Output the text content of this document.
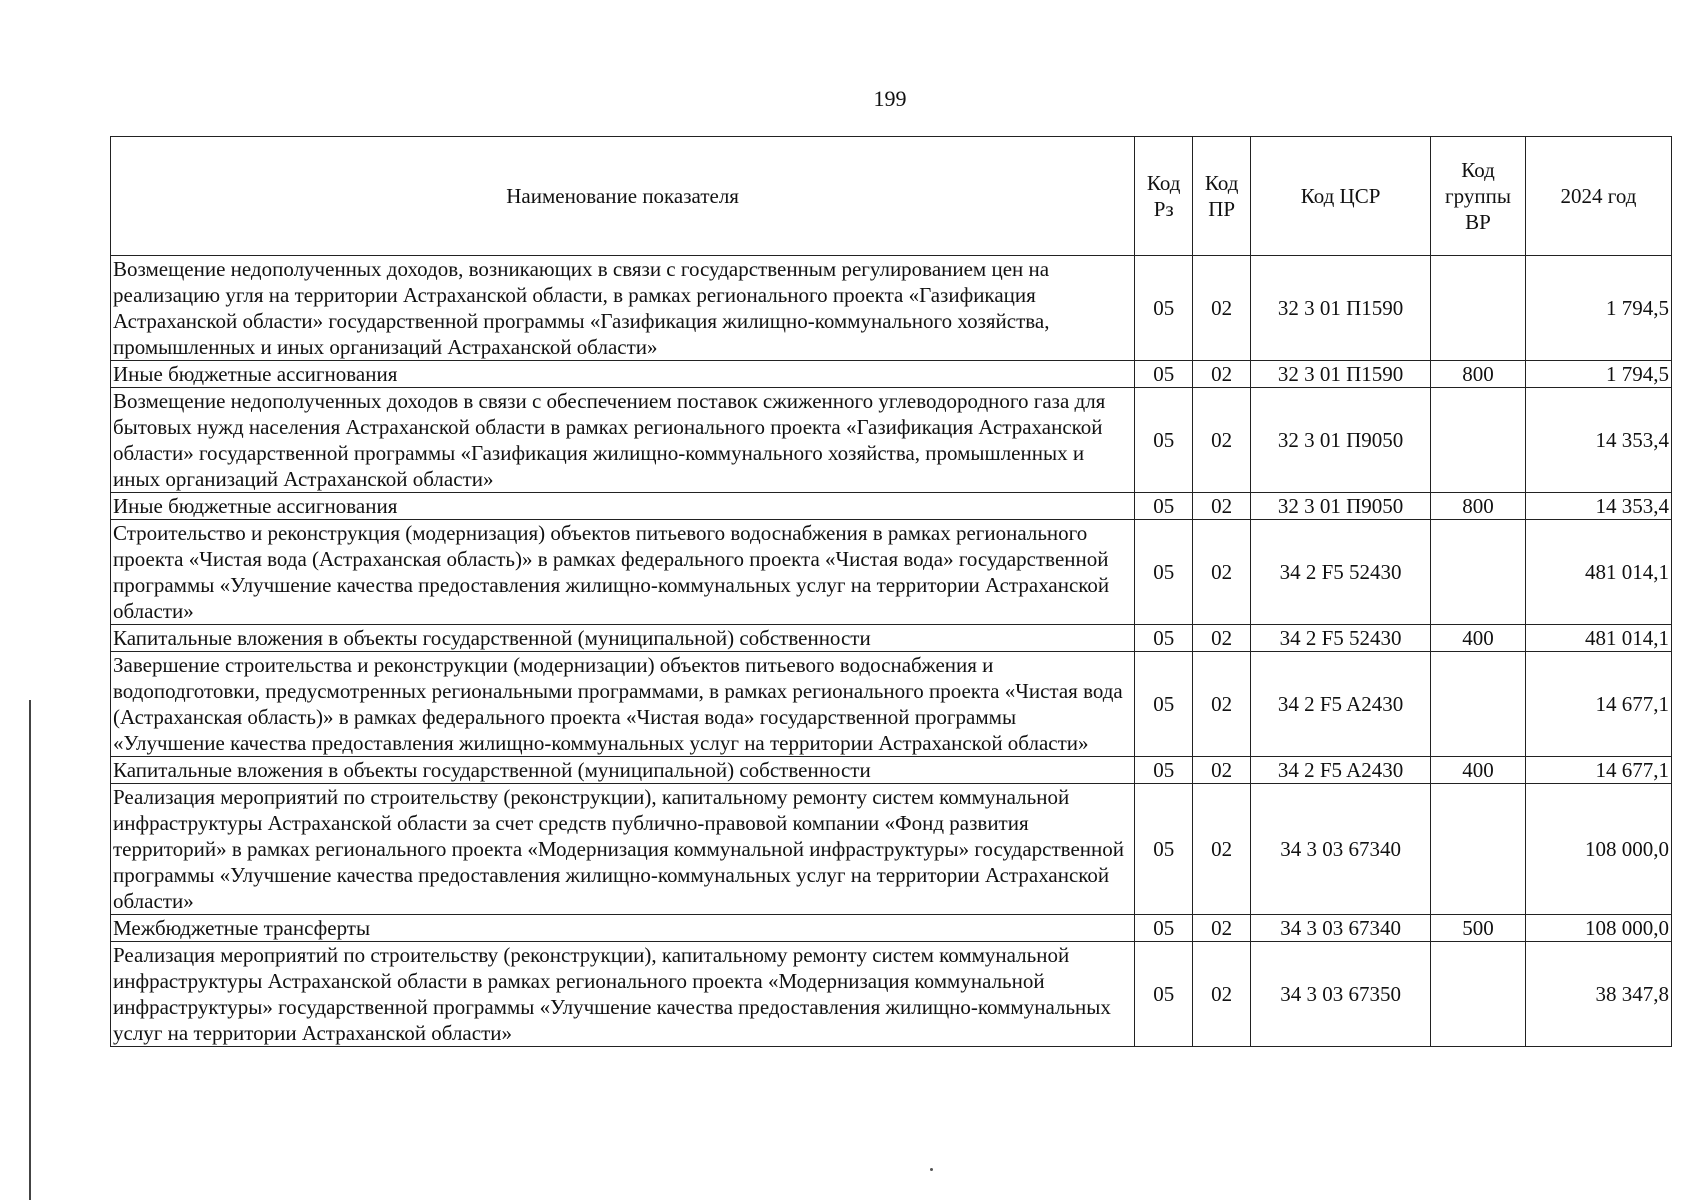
199
Наименование показателя	Код Рз	Код ПР	Код ЦСР	Код группы ВР	2024 год
Возмещение недополученных доходов, возникающих в связи с государственным регулированием цен на реализацию угля на территории Астраханской области, в рамках регионального проекта «Газификация Астраханской области» государственной программы «Газификация жилищно-коммунального хозяйства, промышленных и иных организаций Астраханской области»	05	02	32 3 01 П1590		1 794,5
Иные бюджетные ассигнования	05	02	32 3 01 П1590	800	1 794,5
Возмещение недополученных доходов в связи с обеспечением поставок сжиженного углеводородного газа для бытовых нужд населения Астраханской области в рамках регионального проекта «Газификация Астраханской области» государственной программы «Газификация жилищно-коммунального хозяйства, промышленных и иных организаций Астраханской области»	05	02	32 3 01 П9050		14 353,4
Иные бюджетные ассигнования	05	02	32 3 01 П9050	800	14 353,4
Строительство и реконструкция (модернизация) объектов питьевого водоснабжения в рамках регионального проекта «Чистая вода (Астраханская область)» в рамках федерального проекта «Чистая вода» государственной программы «Улучшение качества предоставления жилищно-коммунальных услуг на территории Астраханской области»	05	02	34 2 F5 52430		481 014,1
Капитальные вложения в объекты государственной (муниципальной) собственности	05	02	34 2 F5 52430	400	481 014,1
Завершение строительства и реконструкции (модернизации) объектов питьевого водоснабжения и водоподготовки, предусмотренных региональными программами, в рамках регионального проекта «Чистая вода (Астраханская область)» в рамках федерального проекта «Чистая вода» государственной программы «Улучшение качества предоставления жилищно-коммунальных услуг на территории Астраханской области»	05	02	34 2 F5 A2430		14 677,1
Капитальные вложения в объекты государственной (муниципальной) собственности	05	02	34 2 F5 A2430	400	14 677,1
Реализация мероприятий по строительству (реконструкции), капитальному ремонту систем коммунальной инфраструктуры Астраханской области за счет средств публично-правовой компании «Фонд развития территорий» в рамках регионального проекта «Модернизация коммунальной инфраструктуры» государственной программы «Улучшение качества предоставления жилищно-коммунальных услуг на территории Астраханской области»	05	02	34 3 03 67340		108 000,0
Межбюджетные трансферты	05	02	34 3 03 67340	500	108 000,0
Реализация мероприятий по строительству (реконструкции), капитальному ремонту систем коммунальной инфраструктуры Астраханской области в рамках регионального проекта «Модернизация коммунальной инфраструктуры» государственной программы «Улучшение качества предоставления жилищно-коммунальных услуг на территории Астраханской области»	05	02	34 3 03 67350		38 347,8
